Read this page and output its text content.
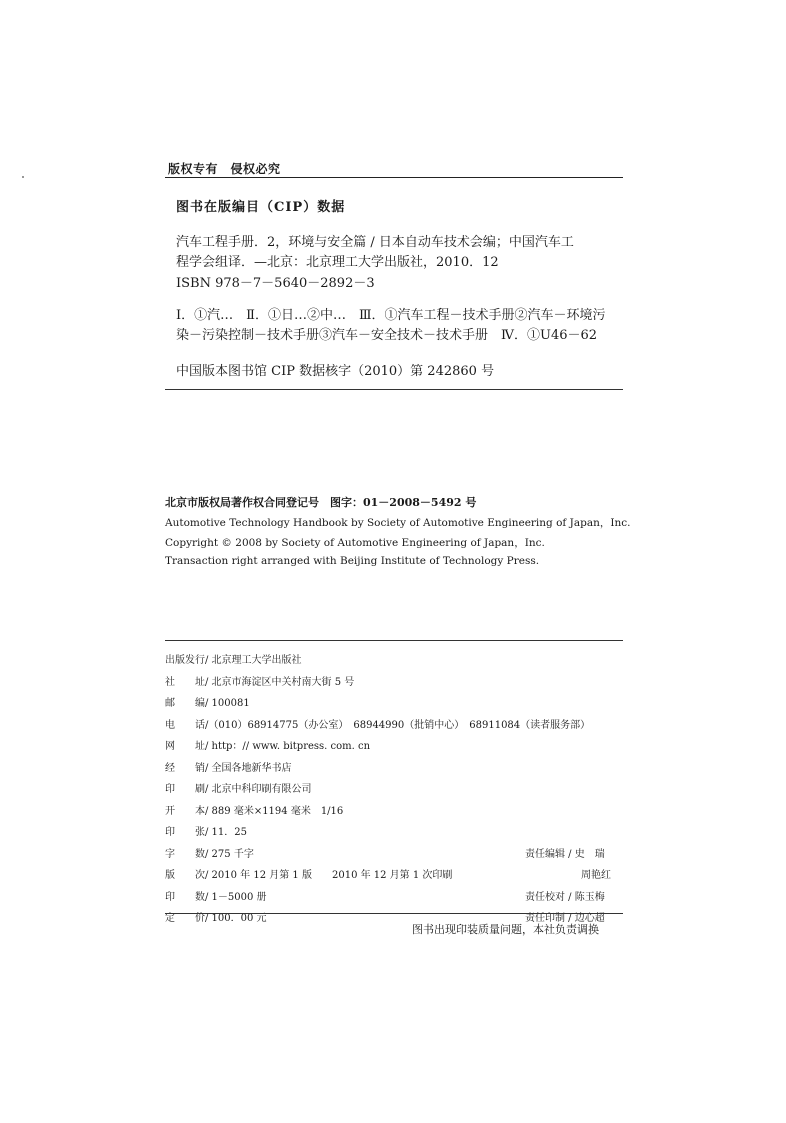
版权专有　侵权必究
图书在版编目（CIP）数据
汽车工程手册．2，环境与安全篇 / 日本自动车技术会编；中国汽车工
程学会组译．—北京：北京理工大学出版社，2010．12
ISBN 978－7－5640－2892－3
Ⅰ．①汽…　Ⅱ．①日…②中…　Ⅲ．①汽车工程－技术手册②汽车－环境污
染－污染控制－技术手册③汽车－安全技术－技术手册　Ⅳ．①U46－62
中国版本图书馆 CIP 数据核字（2010）第 242860 号
北京市版权局著作权合同登记号　图字：01－2008－5492 号
Automotive Technology Handbook by Society of Automotive Engineering of Japan，Inc.
Copyright © 2008 by Society of Automotive Engineering of Japan，Inc.
Transaction right arranged with Beijing Institute of Technology Press.
出版发行/ 北京理工大学出版社
社　　址/ 北京市海淀区中关村南大街 5 号
邮　　编/ 100081
电　　话/（010）68914775（办公室）　68944990（批销中心）　68911084（读者服务部）
网　　址/ http：// www. bitpress. com. cn
经　　销/ 全国各地新华书店
印　　刷/ 北京中科印刷有限公司
开　　本/ 889 毫米×1194 毫米　1/16
印　　张/ 11．25
字　　数/ 275 千字
版　　次/ 2010 年 12 月第 1 版　　2010 年 12 月第 1 次印刷
印　　数/ 1－5000 册
定　　价/ 100．00 元
责任编辑 / 史　瑞
周艳红
责任校对 / 陈玉梅
责任印制 / 边心超
图书出现印装质量问题，本社负责调换
